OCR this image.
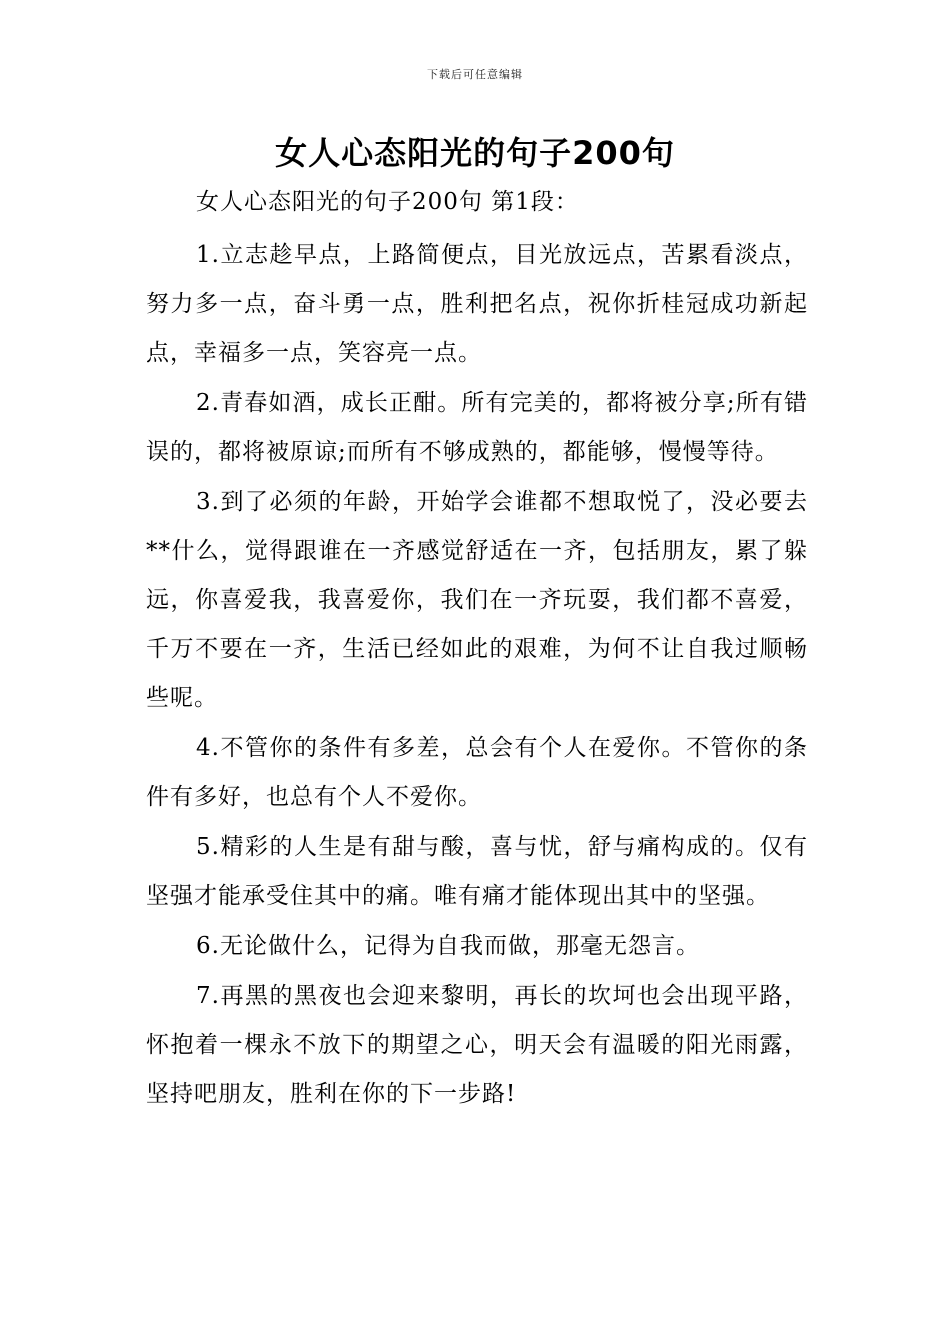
下载后可任意编辑
女人心态阳光的句子200句

女人心态阳光的句子200句 第1段：

1.立志趁早点，上路简便点，目光放远点，苦累看淡点，努力多一点，奋斗勇一点，胜利把名点，祝你折桂冠成功新起点，幸福多一点，笑容亮一点。

2.青春如酒，成长正酣。所有完美的，都将被分享;所有错误的，都将被原谅;而所有不够成熟的，都能够，慢慢等待。

3.到了必须的年龄，开始学会谁都不想取悦了，没必要去**什么，觉得跟谁在一齐感觉舒适在一齐，包括朋友，累了躲远，你喜爱我，我喜爱你，我们在一齐玩耍，我们都不喜爱，千万不要在一齐，生活已经如此的艰难，为何不让自我过顺畅些呢。

4.不管你的条件有多差，总会有个人在爱你。不管你的条件有多好，也总有个人不爱你。

5.精彩的人生是有甜与酸，喜与忧，舒与痛构成的。仅有坚强才能承受住其中的痛。唯有痛才能体现出其中的坚强。

6.无论做什么，记得为自我而做，那毫无怨言。

7.再黑的黑夜也会迎来黎明，再长的坎坷也会出现平路，怀抱着一棵永不放下的期望之心，明天会有温暖的阳光雨露，坚持吧朋友，胜利在你的下一步路!
